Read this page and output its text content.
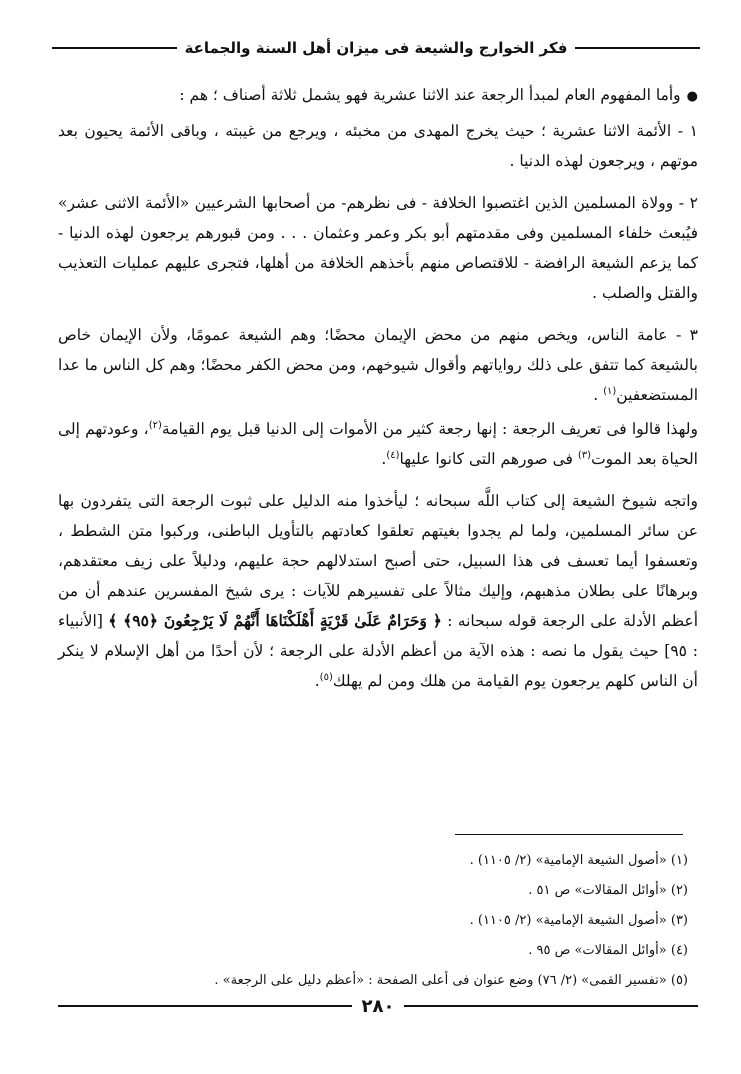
فكر الخوارج والشيعة فى ميزان أهل السنة والجماعة

●وأما المفهوم العام لمبدأ الرجعة عند الاثنا عشرية فهو يشمل ثلاثة أصناف ؛ هم :

١ - الأئمة الاثنا عشرية ؛ حيث يخرج المهدى من مخبئه ، ويرجع من غيبته ، وباقى الأئمة يحيون بعد موتهم ، ويرجعون لهذه الدنيا .

٢ - وولاة المسلمين الذين اغتصبوا الخلافة - فى نظرهم- من أصحابها الشرعيين «الأئمة الاثنى عشر» فيُبعث خلفاء المسلمين وفى مقدمتهم أبو بكر وعمر وعثمان . . . ومن قبورهم يرجعون لهذه الدنيا - كما يزعم الشيعة الرافضة - للاقتصاص منهم بأخذهم الخلافة من أهلها، فتجرى عليهم عمليات التعذيب والقتل والصلب .

٣ - عامة الناس، ويخص منهم من محض الإيمان محضًا؛ وهم الشيعة عمومًا، ولأن الإيمان خاص بالشيعة كما تتفق على ذلك رواياتهم وأقوال شيوخهم، ومن محض الكفر محضًا؛ وهم كل الناس ما عدا المستضعفين$^{(١)}$ .

ولهذا قالوا فى تعريف الرجعة : إنها رجعة كثير من الأموات إلى الدنيا قبل يوم القيامة$^{(٢)}$، وعودتهم إلى الحياة بعد الموت$^{(٣)}$ فى صورهم التى كانوا عليها$^{(٤)}$.

واتجه شيوخ الشيعة إلى كتاب اللَّه سبحانه ؛ ليأخذوا منه الدليل على ثبوت الرجعة التى يتفردون بها عن سائر المسلمين، ولما لم يجدوا بغيتهم تعلقوا كعادتهم بالتأويل الباطنى، وركبوا متن الشطط ، وتعسفوا أيما تعسف فى هذا السبيل، حتى أصبح استدلالهم حجة عليهم، ودليلاً على زيف معتقدهم، وبرهانًا على بطلان مذهبهم، وإليك مثالاً على تفسيرهم للآيات : يرى شيخ المفسرين عندهم أن من أعظم الأدلة على الرجعة قوله سبحانه : ﴿ وَحَرَامٌ عَلَىٰ قَرْيَةٍ أَهْلَكْنَاهَا أَنَّهُمْ لَا يَرْجِعُونَ ﴿٩٥﴾ ﴾ [الأنبياء : ٩٥] حيث يقول ما نصه : هذه الآية من أعظم الأدلة على الرجعة ؛ لأن أحدًا من أهل الإسلام لا ينكر أن الناس كلهم يرجعون يوم القيامة من هلك ومن لم يهلك$^{(٥)}$.

(١) «أصول الشيعة الإمامية» (٢/ ١١٠٥) .

(٢) «أوائل المقالات» ص ٥١ .

(٣) «أصول الشيعة الإمامية» (٢/ ١١٠٥) .

(٤) «أوائل المقالات» ص ٩٥ .

(٥) «تفسير القمى» (٢/ ٧٦) وضع عنوان فى أعلى الصفحة : «أعظم دليل على الرجعة» .

٢٨٠
